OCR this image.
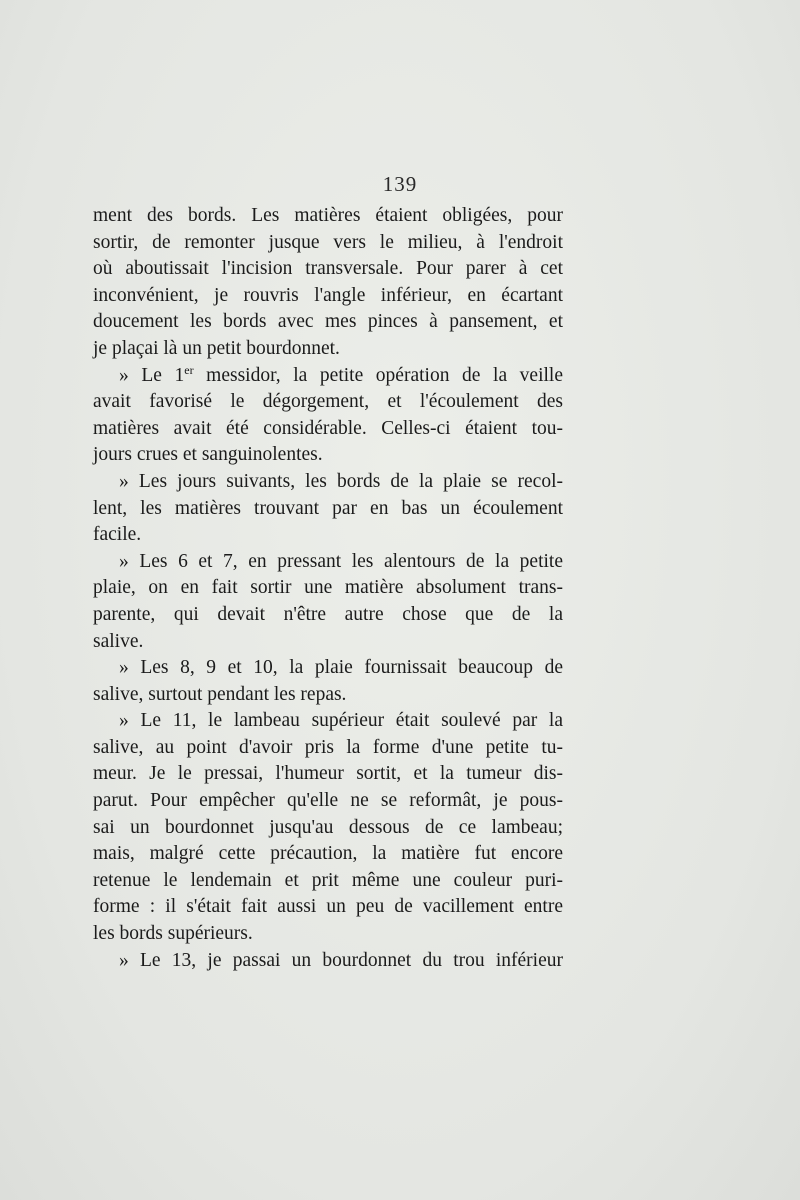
139
ment des bords. Les matières étaient obligées, pour
sortir, de remonter jusque vers le milieu, à l'endroit
où aboutissait l'incision transversale. Pour parer à cet
inconvénient, je rouvris l'angle inférieur, en écartant
doucement les bords avec mes pinces à pansement, et
je plaçai là un petit bourdonnet.
» Le 1er messidor, la petite opération de la veille
avait favorisé le dégorgement, et l'écoulement des
matières avait été considérable. Celles-ci étaient tou-
jours crues et sanguinolentes.
» Les jours suivants, les bords de la plaie se recol-
lent, les matières trouvant par en bas un écoulement
facile.
» Les 6 et 7, en pressant les alentours de la petite
plaie, on en fait sortir une matière absolument trans-
parente, qui devait n'être autre chose que de la
salive.
» Les 8, 9 et 10, la plaie fournissait beaucoup de
salive, surtout pendant les repas.
» Le 11, le lambeau supérieur était soulevé par la
salive, au point d'avoir pris la forme d'une petite tu-
meur. Je le pressai, l'humeur sortit, et la tumeur dis-
parut. Pour empêcher qu'elle ne se reformât, je pous-
sai un bourdonnet jusqu'au dessous de ce lambeau;
mais, malgré cette précaution, la matière fut encore
retenue le lendemain et prit même une couleur puri-
forme : il s'était fait aussi un peu de vacillement entre
les bords supérieurs.
» Le 13, je passai un bourdonnet du trou inférieur
